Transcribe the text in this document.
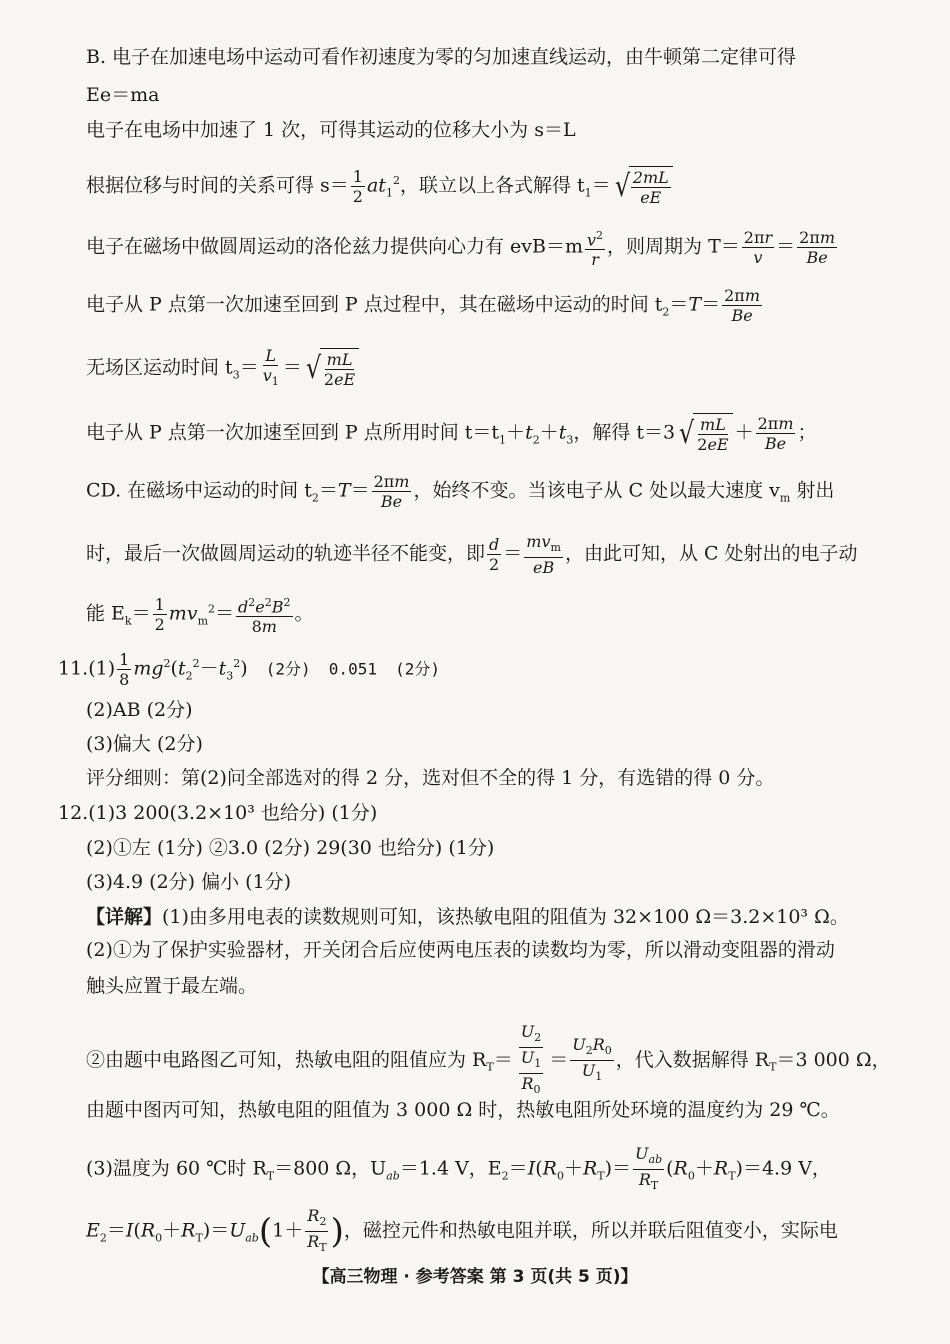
B. 电子在加速电场中运动可看作初速度为零的匀加速直线运动，由牛顿第二定律可得
Ee＝ma
电子在电场中加速了 1 次，可得其运动的位移大小为 s＝L
根据位移与时间的关系可得 $s= \frac{1}{2} at_1^2$，联立以上各式解得 $t_1=$ √ $\frac{2mL}{eE}$
电子在磁场中做圆周运动的洛伦兹力提供向心力有 $evB=m \frac{v^2}{r}$ ，则周期为 $T= \frac{2\pi r}{v} = \frac{2\pi m}{Be}$
电子从 P 点第一次加速至回到 P 点过程中，其在磁场中运动的时间 $t_2=T= \frac{2\pi m}{Be}$
无场区运动时间 $t_3= \frac{L}{v_1}$ ＝ √ $\frac{mL}{2eE}$
电子从 P 点第一次加速至回到 P 点所用时间 $t=t_1+t_2+t_3$，解得 t＝3 √ $\frac{mL}{2eE} + \frac{2\pi m}{Be}$ ；
CD. 在磁场中运动的时间 $t_2=T= \frac{2\pi m}{Be}$ ，始终不变。当该电子从 C 处以最大速度 $v_m$ 射出
时，最后一次做圆周运动的轨迹半径不能变，即 $\frac{d}{2}$ ＝
$mv_m$
eB
，由此可知，从 C 处射出的电子动
能 $E_k= \frac{1}{2} mv_m^2= \frac{d^2e^2B^2}{8m}$ 。
$11.(1) \frac{1}{8} mg^2(t_2^2-t_3^2)$   (2分) 0.051 (2分)
(2)AB (2分)
(3)偏大 (2分)
评分细则：第(2)问全部选对的得 2 分，选对但不全的得 1 分，有选错的得 0 分。
12.(1)3 200(3.2×10³ 也给分) (1分)
(2)①左 (1分) ②3.0 (2分) 29(30 也给分) (1分)
(3)4.9 (2分) 偏小 (1分)
【详解】(1)由多用电表的读数规则可知，该热敏电阻的阻值为 32×100 Ω＝3.2×10³ Ω。
(2)①为了保护实验器材，开关闭合后应使两电压表的读数均为零，所以滑动变阻器的滑动
触头应置于最左端。
②由题中电路图乙可知，热敏电阻的阻值应为 $R_T= \frac{U_2}{\frac{U_1}{R_0}} = \frac{U_2R_0}{U_1}$ ，代入数据解得 $R_T=3$ 000 Ω，
由题中图丙可知，热敏电阻的阻值为 3 000 Ω 时，热敏电阻所处环境的温度约为 29 ℃。
(3)温度为 60 ℃时 $R_T=800$ Ω，$U_{ab}=1.4$ V，$E_2=I(R_0+R_T)=$
$U_{ab}$
$R_T$
$(R_0+R_T)=4.9$ V，
$E_2=I(R_0+R_T)=U_{ab}(1+ \frac{R_2}{R_T}$ )，磁控元件和热敏电阻并联，所以并联后阻值变小，实际电
【高三物理 · 参考答案 第 3 页(共 5 页)】
